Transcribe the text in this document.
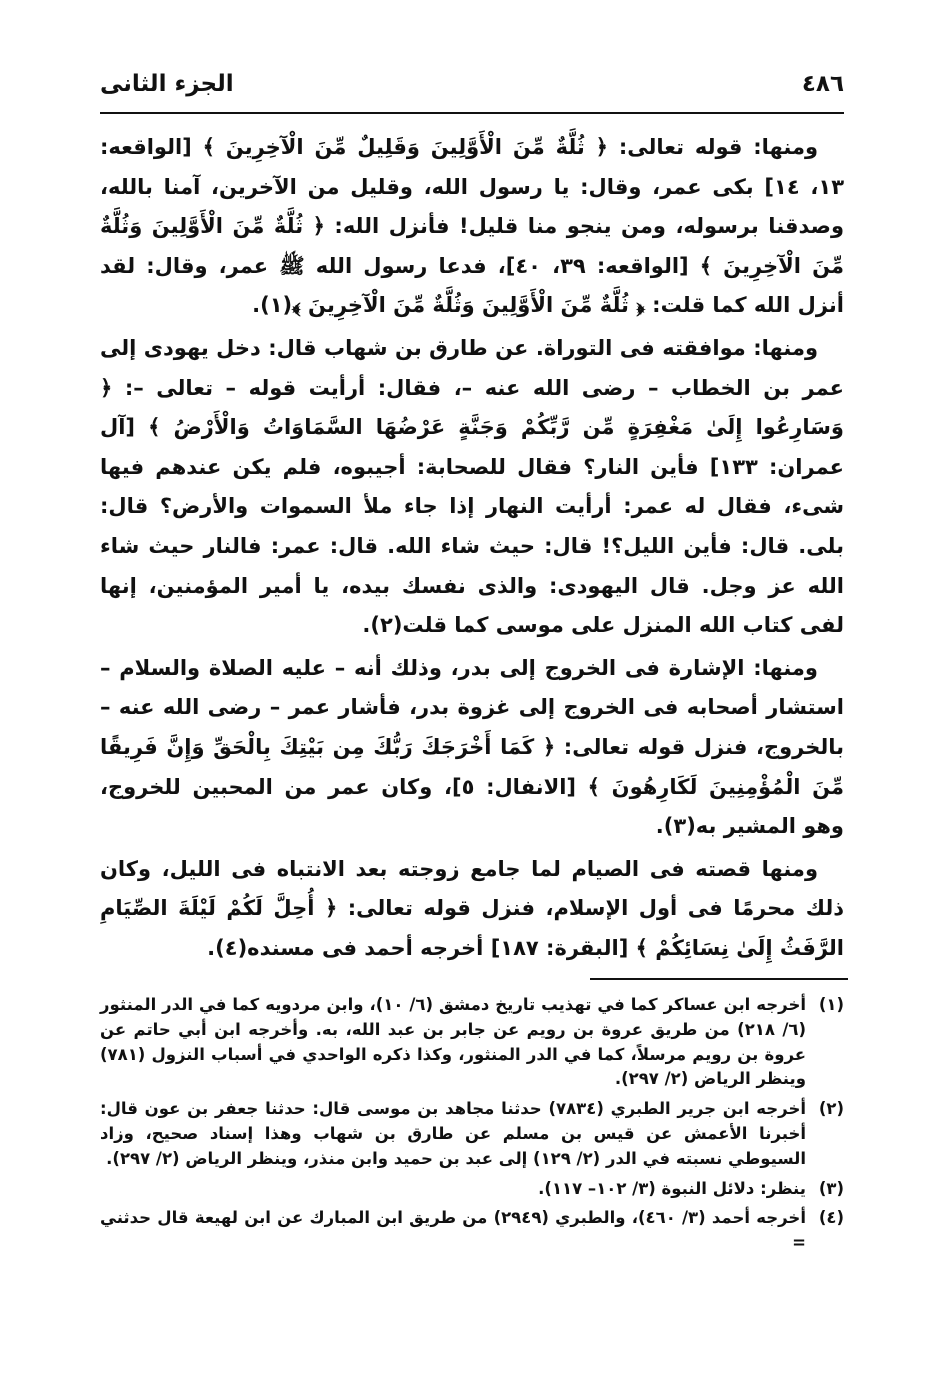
٤٨٦
الجزء الثانى

ومنها: قوله تعالى: ﴿ ثُلَّةٌ مِّنَ الْأَوَّلِينَ وَقَلِيلٌ مِّنَ الْآخِرِينَ ﴾ [الواقعه: ١٣، ١٤] بكى عمر، وقال: يا رسول الله، وقليل من الآخرين، آمنا بالله، وصدقنا برسوله، ومن ينجو منا قليل! فأنزل الله: ﴿ ثُلَّةٌ مِّنَ الْأَوَّلِينَ وَثُلَّةٌ مِّنَ الْآخِرِينَ ﴾ [الواقعه: ٣٩، ٤٠]، فدعا رسول الله ﷺ عمر، وقال: لقد أنزل الله كما قلت: ﴿ ثُلَّةٌ مِّنَ الْأَوَّلِينَ وَثُلَّةٌ مِّنَ الْآخِرِينَ ﴾(١).

ومنها: موافقته فى التوراة. عن طارق بن شهاب قال: دخل يهودى إلى عمر بن الخطاب – رضى الله عنه –، فقال: أرأيت قوله – تعالى –: ﴿ وَسَارِعُوا إِلَىٰ مَغْفِرَةٍ مِّن رَّبِّكُمْ وَجَنَّةٍ عَرْضُهَا السَّمَاوَاتُ وَالْأَرْضُ ﴾ [آل عمران: ١٣٣] فأين النار؟ فقال للصحابة: أجيبوه، فلم يكن عندهم فيها شىء، فقال له عمر: أرأيت النهار إذا جاء ملأ السموات والأرض؟ قال: بلى. قال: فأين الليل؟! قال: حيث شاء الله. قال: عمر: فالنار حيث شاء الله عز وجل. قال اليهودى: والذى نفسك بيده، يا أمير المؤمنين، إنها لفى كتاب الله المنزل على موسى كما قلت(٢).

ومنها: الإشارة فى الخروج إلى بدر، وذلك أنه – عليه الصلاة والسلام – استشار أصحابه فى الخروج إلى غزوة بدر، فأشار عمر – رضى الله عنه – بالخروج، فنزل قوله تعالى: ﴿ كَمَا أَخْرَجَكَ رَبُّكَ مِن بَيْتِكَ بِالْحَقِّ وَإِنَّ فَرِيقًا مِّنَ الْمُؤْمِنِينَ لَكَارِهُونَ ﴾ [الانفال: ٥]، وكان عمر من المحبين للخروج، وهو المشير به(٣).

ومنها قصته فى الصيام لما جامع زوجته بعد الانتباه فى الليل، وكان ذلك محرمًا فى أول الإسلام، فنزل قوله تعالى: ﴿ أُحِلَّ لَكُمْ لَيْلَةَ الصِّيَامِ الرَّفَثُ إِلَىٰ نِسَائِكُمْ ﴾ [البقرة: ١٨٧] أخرجه أحمد فى مسنده(٤).

(١)
أخرجه ابن عساكر كما في تهذيب تاريخ دمشق (٦/ ١٠)، وابن مردويه كما في الدر المنثور (٦/ ٢١٨) من طريق عروة بن رويم عن جابر بن عبد الله، به. وأخرجه ابن أبي حاتم عن عروة بن رويم مرسلاً، كما في الدر المنثور، وكذا ذكره الواحدي في أسباب النزول (٧٨١) وينظر الرياض (٢/ ٢٩٧).
(٢)
أخرجه ابن جرير الطبري (٧٨٣٤) حدثنا مجاهد بن موسى قال: حدثنا جعفر بن عون قال: أخبرنا الأعمش عن قيس بن مسلم عن طارق بن شهاب وهذا إسناد صحيح، وزاد السيوطي نسبته في الدر (٢/ ١٢٩) إلى عبد بن حميد وابن منذر، وينظر الرياض (٢/ ٢٩٧).
(٣)
ينظر: دلائل النبوة (٣/ ١٠٢– ١١٧).
(٤)
أخرجه أحمد (٣/ ٤٦٠)، والطبري (٢٩٤٩) من طريق ابن المبارك عن ابن لهيعة قال حدثني =
